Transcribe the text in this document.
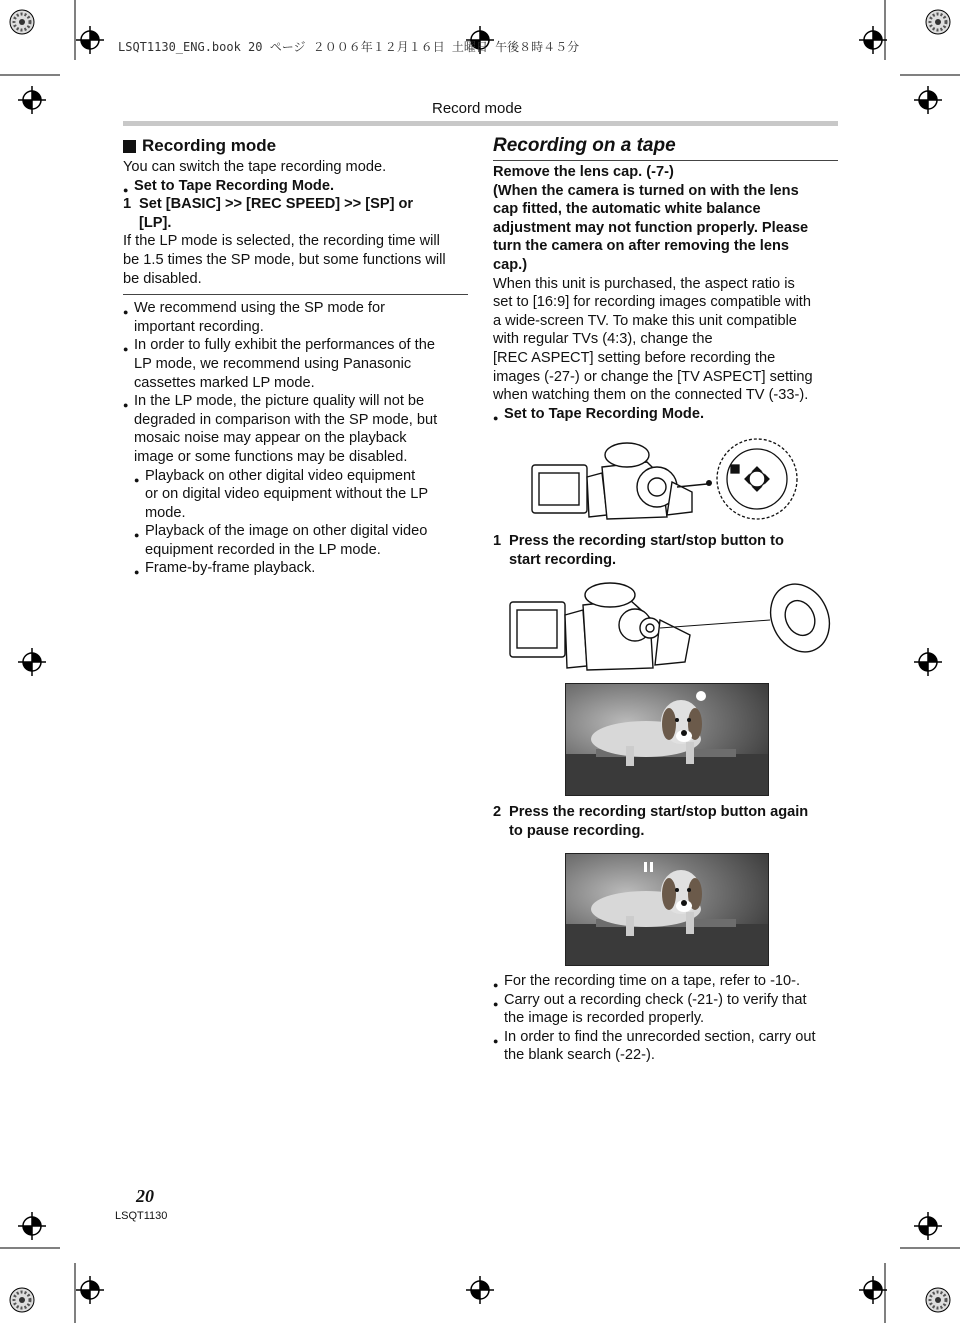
LSQT1130_ENG.book 20 ページ ２００６年１２月１６日 土曜日 午後８時４５分
Record mode
Recording mode
You can switch the tape recording mode.
● Set to Tape Recording Mode.
1 Set [BASIC] >> [REC SPEED] >> [SP] or
[LP].

If the LP mode is selected, the recording time will

be 1.5 times the SP mode, but some functions will

be disabled.

● We recommend using the SP mode for

important recording.

● In order to fully exhibit the performances of the

LP mode, we recommend using Panasonic

cassettes marked LP mode.

● In the LP mode, the picture quality will not be

degraded in comparison with the SP mode, but

mosaic noise may appear on the playback

image or some functions may be disabled.

● Playback on other digital video equipment

or on digital video equipment without the LP

mode.

● Playback of the image on other digital video

equipment recorded in the LP mode.

● Frame-by-frame playback.

Recording on a tape
Remove the lens cap. (-7-)

(When the camera is turned on with the lens

cap fitted, the automatic white balance

adjustment may not function properly. Please

turn the camera on after removing the lens

cap.)

When this unit is purchased, the aspect ratio is

set to [16:9] for recording images compatible with

a wide-screen TV. To make this unit compatible

with regular TVs (4:3), change the

[REC ASPECT] setting before recording the

images (-27-) or change the [TV ASPECT] setting

when watching them on the connected TV (-33-).

● Set to Tape Recording Mode.

1 Press the recording start/stop button to

start recording.

2 Press the recording start/stop button again

to pause recording.

● For the recording time on a tape, refer to -10-.

● Carry out a recording check (-21-) to verify that

the image is recorded properly.

● In order to find the unrecorded section, carry out

the blank search (-22-).

20
LSQT1130
